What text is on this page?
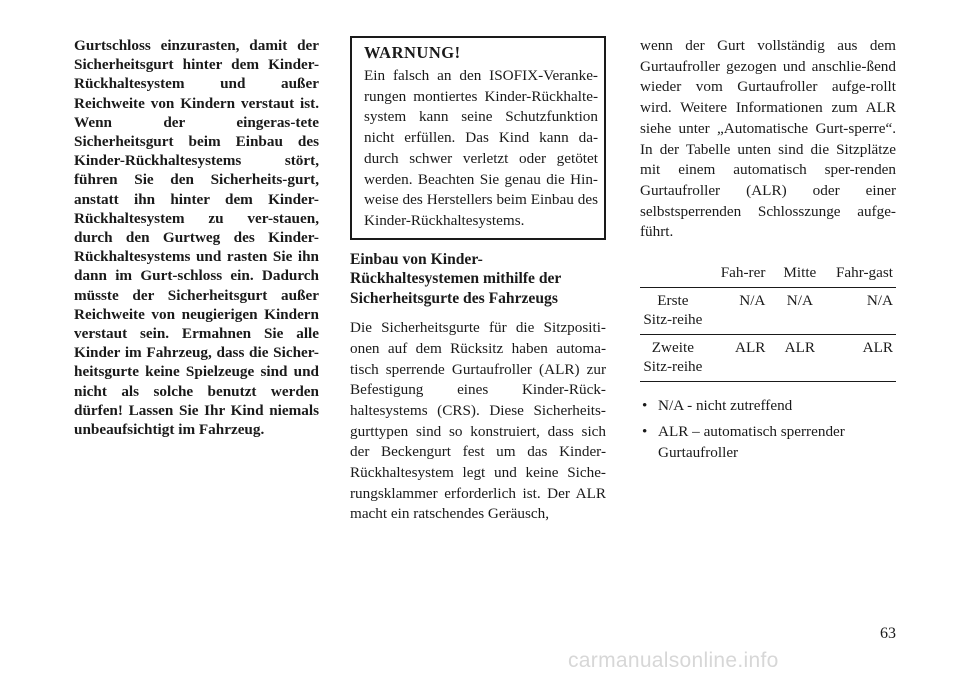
Gurtschloss einzurasten, damit der Sicherheitsgurt hinter dem Kinder-Rückhaltesystem und außer Reichweite von Kindern verstaut ist. Wenn der eingeras-tete Sicherheitsgurt beim Einbau des Kinder-Rückhaltesystems stört, führen Sie den Sicherheits-gurt, anstatt ihn hinter dem Kinder-Rückhaltesystem zu ver-stauen, durch den Gurtweg des Kinder-Rückhaltesystems und rasten Sie ihn dann im Gurt-schloss ein. Dadurch müsste der Sicherheitsgurt außer Reichweite von neugierigen Kindern verstaut sein. Ermahnen Sie alle Kinder im Fahrzeug, dass die Sicher-heitsgurte keine Spielzeuge sind und nicht als solche benutzt werden dürfen! Lassen Sie Ihr Kind niemals unbeaufsichtigt im Fahrzeug.

WARNUNG!

Ein falsch an den ISOFIX-Veranke-rungen montiertes Kinder-Rückhalte-system kann seine Schutzfunktion nicht erfüllen. Das Kind kann da-durch schwer verletzt oder getötet werden. Beachten Sie genau die Hin-weise des Herstellers beim Einbau des Kinder-Rückhaltesystems.

Einbau von Kinder-Rückhaltesystemen mithilfe der Sicherheitsgurte des Fahrzeugs

Die Sicherheitsgurte für die Sitzpositi-onen auf dem Rücksitz haben automa-tisch sperrende Gurtaufroller (ALR) zur Befestigung eines Kinder-Rück-haltesystems (CRS). Diese Sicherheits-gurttypen sind so konstruiert, dass sich der Beckengurt fest um das Kinder-Rückhaltesystem legt und keine Siche-rungsklammer erforderlich ist. Der ALR macht ein ratschendes Geräusch,

wenn der Gurt vollständig aus dem Gurtaufroller gezogen und anschlie-ßend wieder vom Gurtaufroller aufge-rollt wird. Weitere Informationen zum ALR siehe unter „Automatische Gurt-sperre“. In der Tabelle unten sind die Sitzplätze mit einem automatisch sper-renden Gurtaufroller (ALR) oder einer selbstsperrenden Schlosszunge aufge-führt.

	Fah-rer	Mitte	Fahr-gast
Erste Sitz-reihe	N/A	N/A	N/A
Zweite Sitz-reihe	ALR	ALR	ALR
• N/A - nicht zutreffend
• ALR – automatisch sperrender Gurtaufroller
63
carmanualsonline.info
